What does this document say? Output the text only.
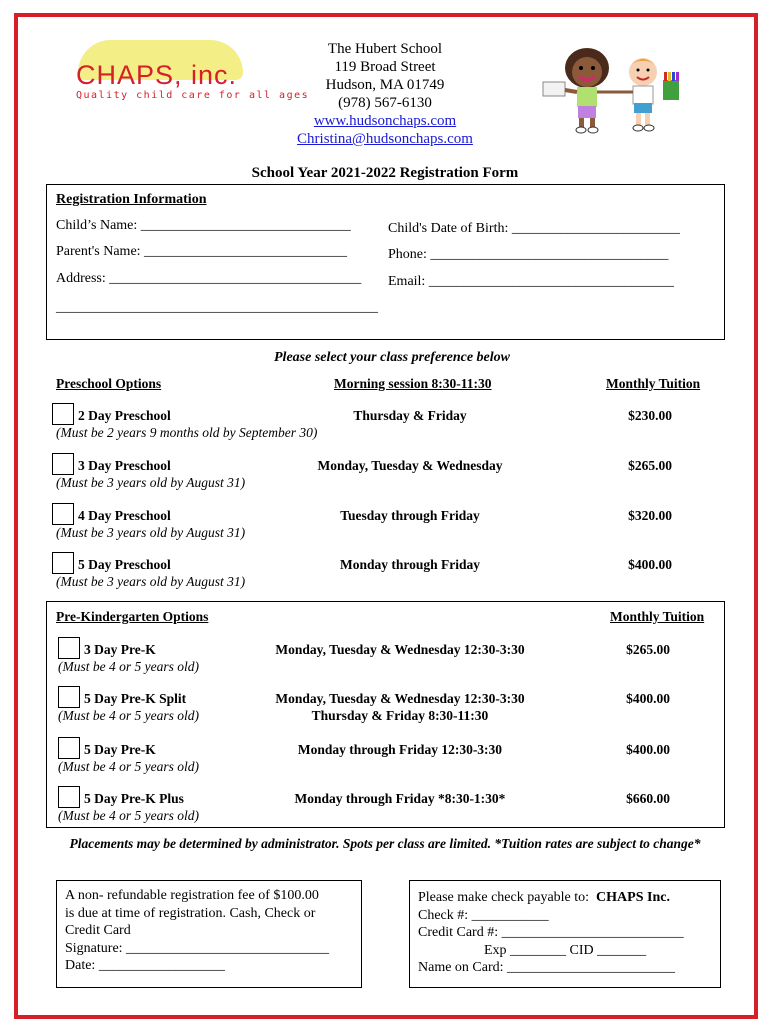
CHAPS, inc.
Quality child care for all ages
The Hubert School
119 Broad Street
Hudson, MA 01749
(978) 567-6130
www.hudsonchaps.com
Christina@hudsonchaps.com
School Year 2021-2022 Registration Form
Registration Information
Child’s Name: ______________________________	Child's Date of Birth: ________________________
Parent's Name: _____________________________	Phone: __________________________________
Address: ____________________________________ Email: ___________________________________
______________________________________________
Please select your class preference below
Preschool Options	Morning session 8:30-11:30	Monthly Tuition
2 Day Preschool
(Must be 2 years 9 months old by September 30)
Thursday & Friday	$230.00
3 Day Preschool
(Must be 3 years old by August 31)
Monday, Tuesday & Wednesday	$265.00
4 Day Preschool
(Must be 3 years old by August 31)
Tuesday through Friday	$320.00
5 Day Preschool
(Must be 3 years old by August 31)
Monday through Friday	$400.00
Pre-Kindergarten Options	Monthly Tuition
3 Day Pre-K
(Must be 4 or 5 years old)
Monday, Tuesday & Wednesday 12:30-3:30	$265.00
5 Day Pre-K Split
(Must be 4 or 5 years old)
Monday, Tuesday & Wednesday 12:30-3:30
Thursday & Friday 8:30-11:30
$400.00
5 Day Pre-K
(Must be 4 or 5 years old)
Monday through Friday 12:30-3:30	$400.00
5 Day Pre-K Plus
(Must be 4 or 5 years old)
Monday through Friday *8:30-1:30*	$660.00
Placements may be determined by administrator. Spots per class are limited. *Tuition rates are subject to change*
A non- refundable registration fee of $100.00
is due at time of registration. Cash, Check or
Credit Card
Signature: _____________________________
Date: __________________
Please make check payable to: CHAPS Inc.
Check #: ___________
Credit Card #: __________________________
Exp ________ CID _______
Name on Card: ________________________
